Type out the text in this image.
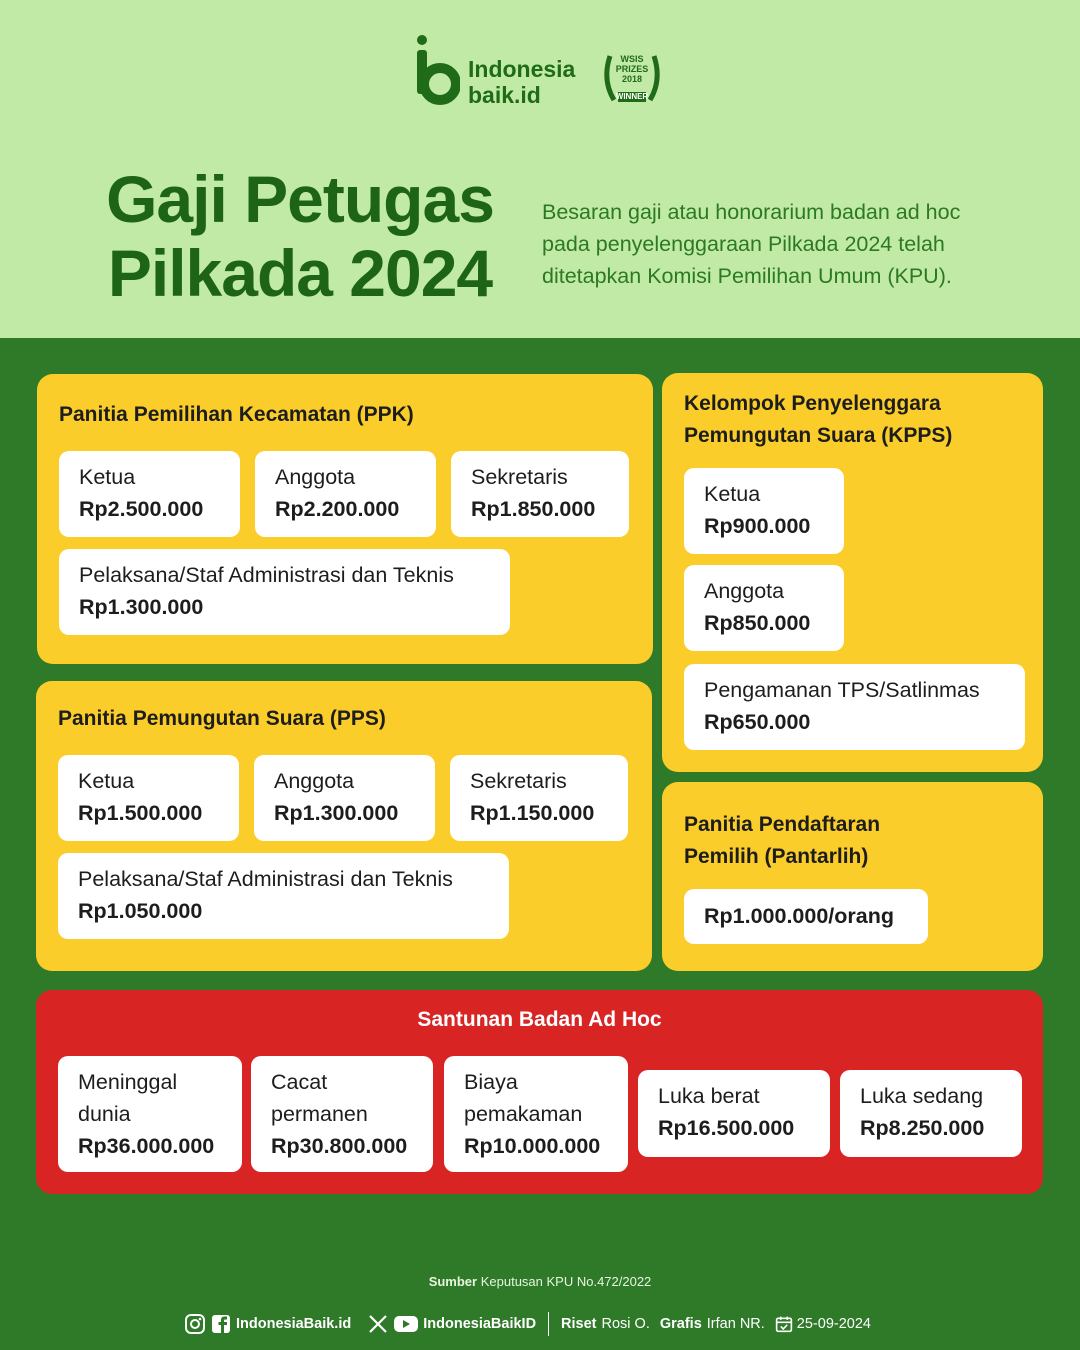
Indonesia
baik.id
WSIS
PRIZES
2018
WINNER
Gaji Petugas
Pilkada 2024
Besaran gaji atau honorarium badan ad hoc pada penyelenggaraan Pilkada 2024 telah ditetapkan Komisi Pemilihan Umum (KPU).
Panitia Pemilihan Kecamatan (PPK)
Ketua
Rp2.500.000
Anggota
Rp2.200.000
Sekretaris
Rp1.850.000
Pelaksana/Staf Administrasi dan Teknis
Rp1.300.000
Panitia Pemungutan Suara (PPS)
Ketua
Rp1.500.000
Anggota
Rp1.300.000
Sekretaris
Rp1.150.000
Pelaksana/Staf Administrasi dan Teknis
Rp1.050.000
Kelompok Penyelenggara
Pemungutan Suara (KPPS)
Ketua
Rp900.000
Anggota
Rp850.000
Pengamanan TPS/Satlinmas
Rp650.000
Panitia Pendaftaran
Pemilih (Pantarlih)
Rp1.000.000/orang
Santunan Badan Ad Hoc
Meninggal
dunia
Rp36.000.000
Cacat
permanen
Rp30.800.000
Biaya
pemakaman
Rp10.000.000
Luka berat
Rp16.500.000
Luka sedang
Rp8.250.000
Sumber Keputusan KPU No.472/2022
IndonesiaBaik.id	IndonesiaBaikID Riset Rosi O. Grafis Irfan NR. 25-09-2024
